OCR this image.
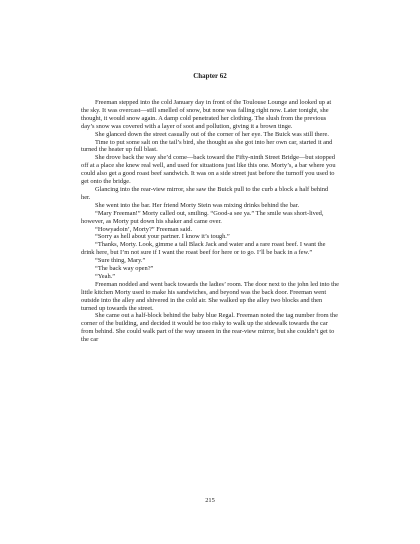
Chapter 62

Freeman stepped into the cold January day in front of the Toulouse Lounge and looked up at the sky. It was overcast—still smelled of snow, but none was falling right now. Later tonight, she thought, it would snow again. A damp cold penetrated her clothing. The slush from the previous day’s snow was covered with a layer of soot and pollution, giving it a brown tinge.

She glanced down the street casually out of the corner of her eye. The Buick was still there.

Time to put some salt on the tail’s bird, she thought as she got into her own car, started it and turned the heater up full blast.

She drove back the way she’d come—back toward the Fifty-ninth Street Bridge—but stopped off at a place she knew real well, and used for situations just like this one. Morty’s, a bar where you could also get a good roast beef sandwich. It was on a side street just before the turnoff you used to get onto the bridge.

Glancing into the rear-view mirror, she saw the Buick pull to the curb a block a half behind her.

She went into the bar. Her friend Morty Stein was mixing drinks behind the bar.

“Mary Freeman!” Morty called out, smiling. “Good-a see ya.” The smile was short-lived, however, as Morty put down his shaker and came over.

“Howyadoin’, Morty?” Freeman said.

“Sorry as hell about your partner. I know it’s tough.”

“Thanks, Morty. Look, gimme a tall Black Jack and water and a rare roast beef. I want the drink here, but I’m not sure if I want the roast beef for here or to go. I’ll be back in a few.”

“Sure thing, Mary.”

“The back way open?”

“Yeah.”

Freeman nodded and went back towards the ladies’ room. The door next to the john led into the little kitchen Morty used to make his sandwiches, and beyond was the back door. Freeman went outside into the alley and shivered in the cold air. She walked up the alley two blocks and then turned up towards the street.

She came out a half-block behind the baby blue Regal. Freeman noted the tag number from the corner of the building, and decided it would be too risky to walk up the sidewalk towards the car from behind. She could walk part of the way unseen in the rear-view mirror, but she couldn’t get to the car

215
